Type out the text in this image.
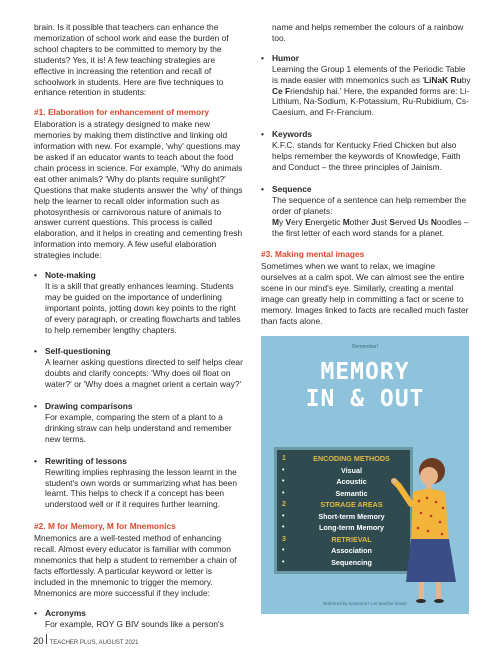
brain. Is it possible that teachers can enhance the memorization of school work and ease the burden of school chapters to be committed to memory by the students? Yes, it is! A few teaching strategies are effective in increasing the retention and recall of schoolwork in students. Here are five techniques to enhance retention in students:

#1. Elaboration for enhancement of memory

Elaboration is a strategy designed to make new memories by making them distinctive and linking old information with new. For example, 'why' questions may be asked if an educator wants to teach about the food chain process in science. For example, 'Why do animals eat other animals? 'Why do plants require sunlight?' Questions that make students answer the 'why' of things help the learner to recall older information such as photosynthesis or carnivorous nature of animals to answer current questions. This process is called elaboration, and it helps in creating and cementing fresh information into memory. A few useful elaboration strategies include:

• Note-making
It is a skill that greatly enhances learning. Students may be guided on the importance of underlining important points, jotting down key points to the right of every paragraph, or creating flowcharts and tables to help remember lengthy chapters.
• Self-questioning
A learner asking questions directed to self helps clear doubts and clarify concepts: 'Why does oil float on water?' or 'Why does a magnet orient a certain way?'
• Drawing comparisons
For example, comparing the stem of a plant to a drinking straw can help understand and remember new terms.
• Rewriting of lessons
Rewriting implies rephrasing the lesson learnt in the student's own words or summarizing what has been learnt. This helps to check if a concept has been understood well or if it requires further learning.
#2. M for Memory, M for Mnemonics

Mnemonics are a well-tested method of enhancing recall. Almost every educator is familiar with common mnemonics that help a student to remember a chain of facts effortlessly. A particular keyword or letter is included in the mnemonic to trigger the memory. Mnemonics are more successful if they include:

• Acronyms
For example, ROY G BIV sounds like a person's

name and helps remember the colours of a rainbow too.

• Humor
Learning the Group 1 elements of the Periodic Table is made easier with mnemonics such as 'LiNaK Ruby Ce Friendship hai.' Here, the expanded forms are: Li-Lithium, Na-Sodium, K-Potassium, Ru-Rubidium, Cs-Caesium, and Fr-Francium.
• Keywords
K.F.C. stands for Kentucky Fried Chicken but also helps remember the keywords of Knowledge, Faith and Conduct – the three principles of Jainism.
• Sequence
The sequence of a sentence can help remember the order of planets:
My Very Energetic Mother Just Served Us Noodles – the first letter of each word stands for a planet.
#3. Making mental images

Sometimes when we want to relax, we imagine ourselves at a calm spot. We can almost see the entire scene in our mind's eye. Similarly, creating a mental image can greatly help in committing a fact or scene to memory. Images linked to facts are recalled much faster than facts alone.

Remember!
MEMORY
IN & OUT
1	ENCODING METHODS
•	Visual
•	Acoustic
•	Semantic
2	STORAGE AREAS
•	Short-term Memory
•	Long-term Memory
3	RETRIEVAL
•	Association
•	Sequencing
Bothered by someone? Let teacher know!
20 TEACHER PLUS, AUGUST 2021
